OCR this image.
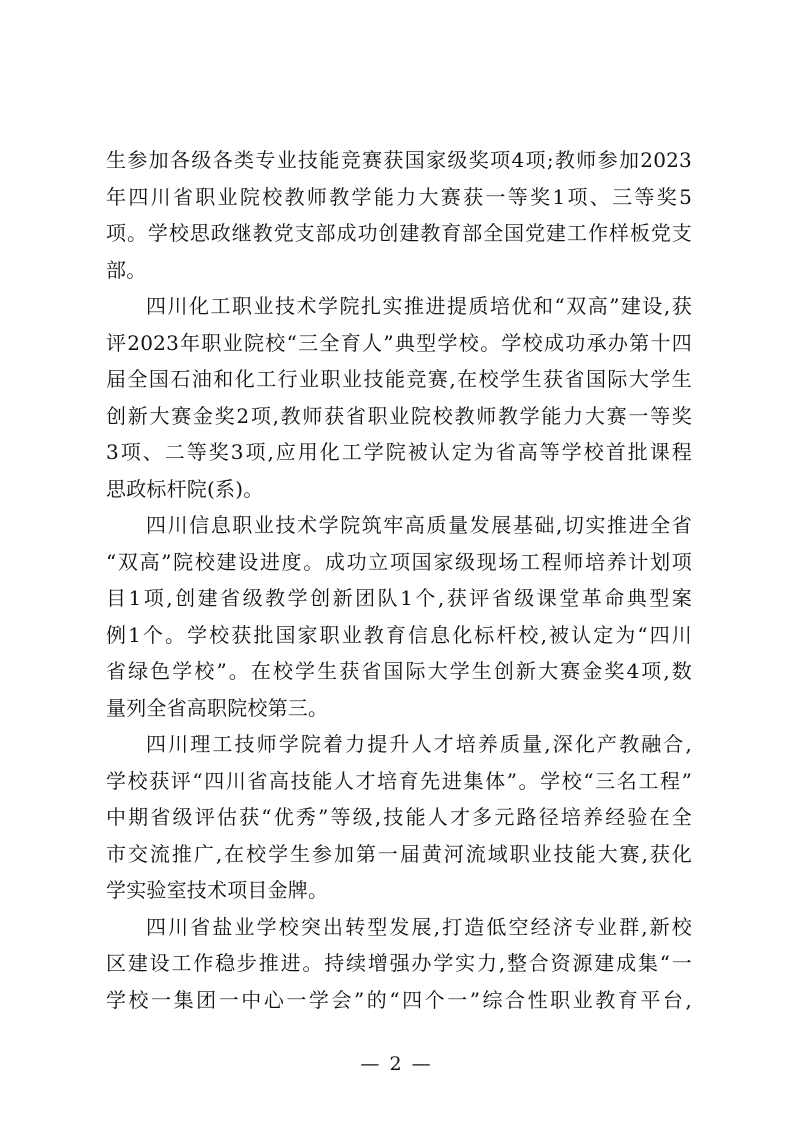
生参加各级各类专业技能竞赛获国家级奖项4项;教师参加2023
年四川省职业院校教师教学能力大赛获一等奖1项、三等奖5
项。学校思政继教党支部成功创建教育部全国党建工作样板党支
部。
四川化工职业技术学院扎实推进提质培优和“双高”建设,获
评2023年职业院校“三全育人”典型学校。学校成功承办第十四
届全国石油和化工行业职业技能竞赛,在校学生获省国际大学生
创新大赛金奖2项,教师获省职业院校教师教学能力大赛一等奖
3项、二等奖3项,应用化工学院被认定为省高等学校首批课程
思政标杆院(系)。
四川信息职业技术学院筑牢高质量发展基础,切实推进全省
“双高”院校建设进度。成功立项国家级现场工程师培养计划项
目1项,创建省级教学创新团队1个,获评省级课堂革命典型案
例1个。学校获批国家职业教育信息化标杆校,被认定为“四川
省绿色学校”。在校学生获省国际大学生创新大赛金奖4项,数
量列全省高职院校第三。
四川理工技师学院着力提升人才培养质量,深化产教融合,
学校获评“四川省高技能人才培育先进集体”。学校“三名工程”
中期省级评估获“优秀”等级,技能人才多元路径培养经验在全
市交流推广,在校学生参加第一届黄河流域职业技能大赛,获化
学实验室技术项目金牌。
四川省盐业学校突出转型发展,打造低空经济专业群,新校
区建设工作稳步推进。持续增强办学实力,整合资源建成集“一
学校一集团一中心一学会”的“四个一”综合性职业教育平台,
— 2 —
